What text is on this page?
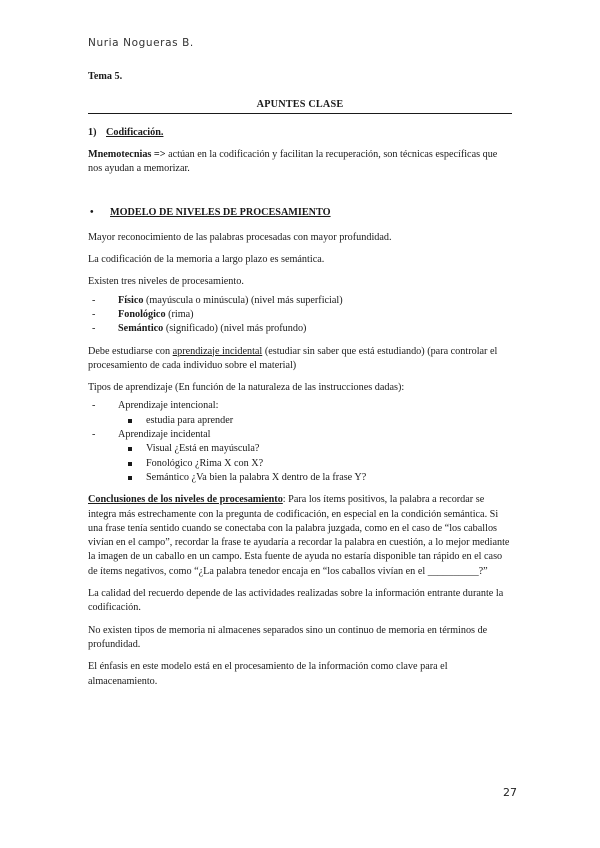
Nuria Nogueras B.

Tema 5.

APUNTES CLASE

1) Codificación.

Mnemotecnias => actúan en la codificación y facilitan la recuperación, son técnicas específicas que nos ayudan a memorizar.

• MODELO DE NIVELES DE PROCESAMIENTO

Mayor reconocimiento de las palabras procesadas con mayor profundidad.

La codificación de la memoria a largo plazo es semántica.

Existen tres niveles de procesamiento.

- Físico (mayúscula o minúscula) (nivel más superficial)
- Fonológico (rima)
- Semántico (significado) (nivel más profundo)

Debe estudiarse con aprendizaje incidental (estudiar sin saber que está estudiando) (para controlar el procesamiento de cada individuo sobre el material)

Tipos de aprendizaje (En función de la naturaleza de las instrucciones dadas):

- Aprendizaje intencional:
estudia para aprender
- Aprendizaje incidental
Visual ¿Está en mayúscula?
Fonológico ¿Rima X con X?
Semántico ¿Va bien la palabra X dentro de la frase Y?

Conclusiones de los niveles de procesamiento: Para los ítems positivos, la palabra a recordar se integra más estrechamente con la pregunta de codificación, en especial en la condición semántica. Si una frase tenía sentido cuando se conectaba con la palabra juzgada, como en el caso de “los caballos vivían en el campo”, recordar la frase te ayudaría a recordar la palabra en cuestión, a lo mejor mediante la imagen de un caballo en un campo. Esta fuente de ayuda no estaría disponible tan rápido en el caso de ítems negativos, como “¿La palabra tenedor encaja en “los caballos vivían en el __________?”

La calidad del recuerdo depende de las actividades realizadas sobre la información entrante durante la codificación.

No existen tipos de memoria ni almacenes separados sino un continuo de memoria en términos de profundidad.

El énfasis en este modelo está en el procesamiento de la información como clave para el almacenamiento.

27
